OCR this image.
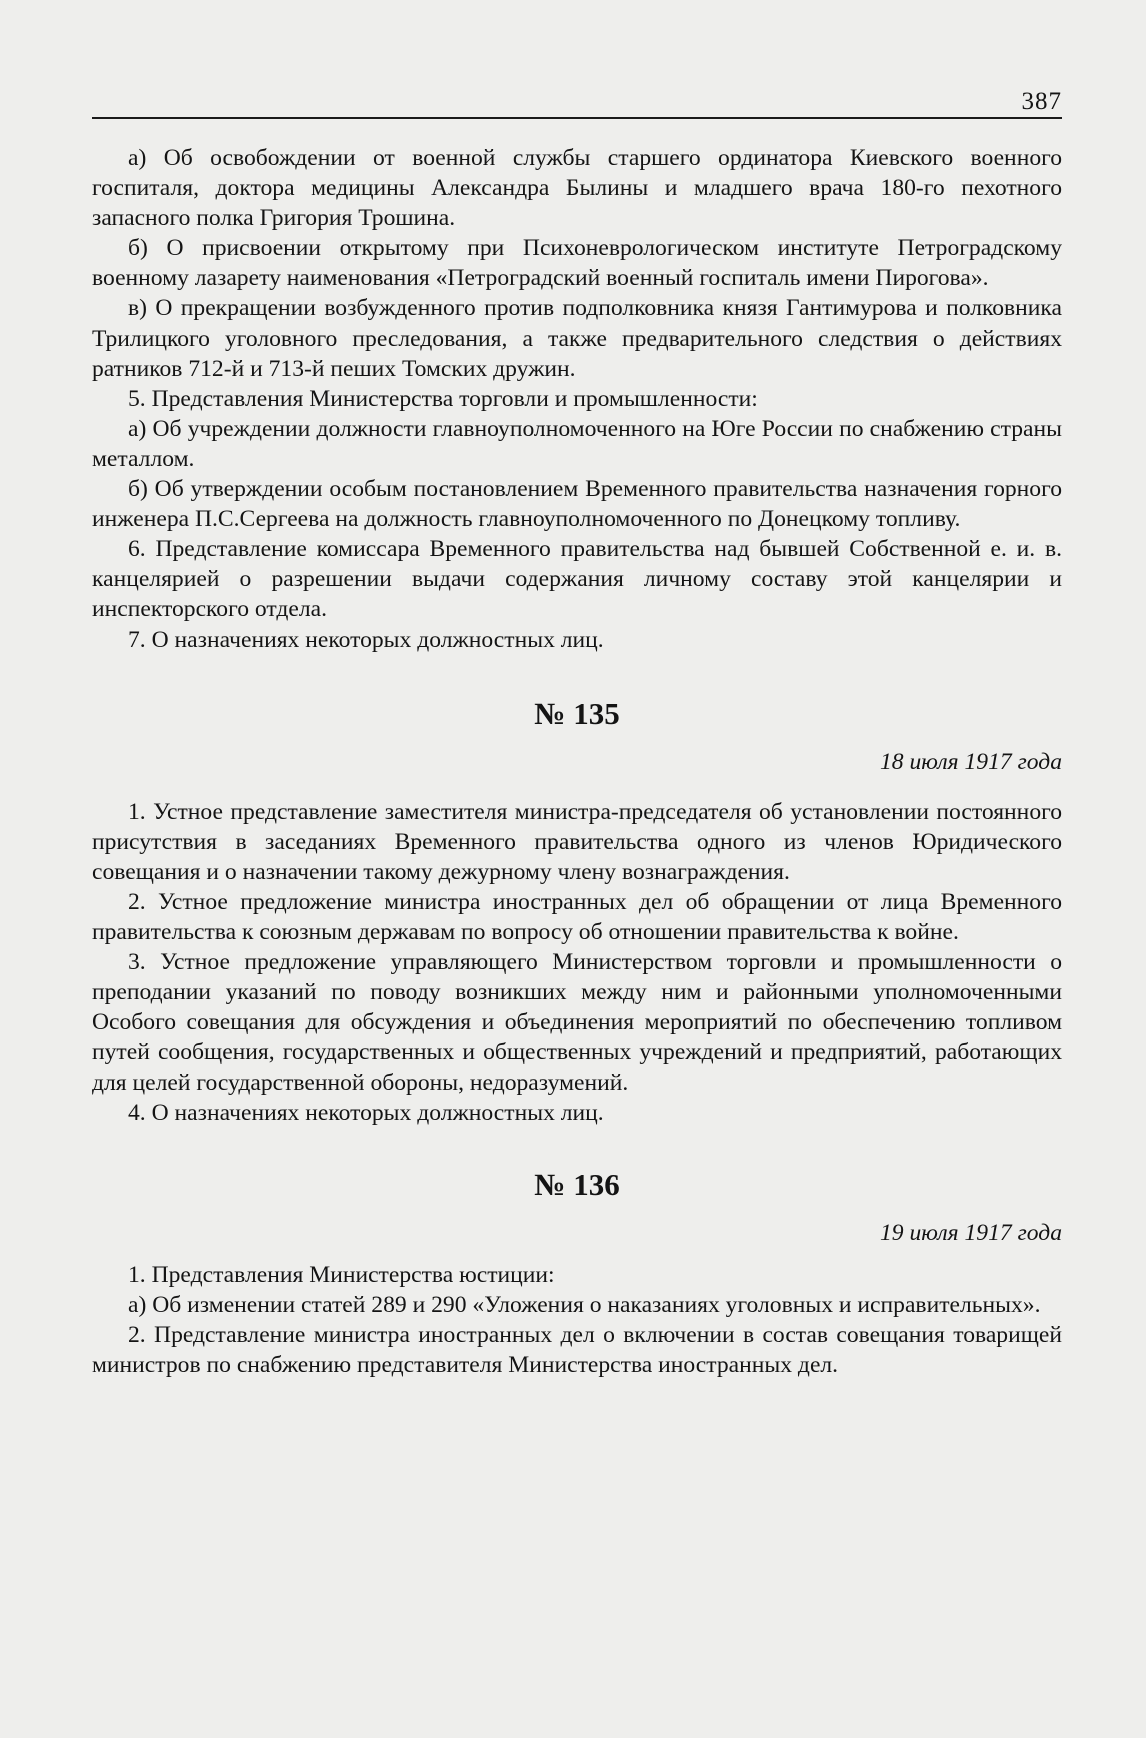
387

а) Об освобождении от военной службы старшего ординатора Киевского военного госпиталя, доктора медицины Александра Былины и младшего врача 180-го пехотного запасного полка Григория Трошина.

б) О присвоении открытому при Психоневрологическом институте Петроградскому военному лазарету наименования «Петроградский военный госпиталь имени Пирогова».

в) О прекращении возбужденного против подполковника князя Гантимурова и полковника Трилицкого уголовного преследования, а также предварительного следствия о действиях ратников 712-й и 713-й пеших Томских дружин.

5. Представления Министерства торговли и промышленности:

а) Об учреждении должности главноуполномоченного на Юге России по снабжению страны металлом.

б) Об утверждении особым постановлением Временного правительства назначения горного инженера П.С.Сергеева на должность главноуполномоченного по Донецкому топливу.

6. Представление комиссара Временного правительства над бывшей Собственной е. и. в. канцелярией о разрешении выдачи содержания личному составу этой канцелярии и инспекторского отдела.

7. О назначениях некоторых должностных лиц.

№ 135
18 июля 1917 года

1. Устное представление заместителя министра-председателя об установлении постоянного присутствия в заседаниях Временного правительства одного из членов Юридического совещания и о назначении такому дежурному члену вознаграждения.

2. Устное предложение министра иностранных дел об обращении от лица Временного правительства к союзным державам по вопросу об отношении правительства к войне.

3. Устное предложение управляющего Министерством торговли и промышленности о преподании указаний по поводу возникших между ним и районными уполномоченными Особого совещания для обсуждения и объединения мероприятий по обеспечению топливом путей сообщения, государственных и общественных учреждений и предприятий, работающих для целей государственной обороны, недоразумений.

4. О назначениях некоторых должностных лиц.

№ 136
19 июля 1917 года

1. Представления Министерства юстиции:

а) Об изменении статей 289 и 290 «Уложения о наказаниях уголовных и исправительных».

2. Представление министра иностранных дел о включении в состав совещания товарищей министров по снабжению представителя Министерства иностранных дел.
